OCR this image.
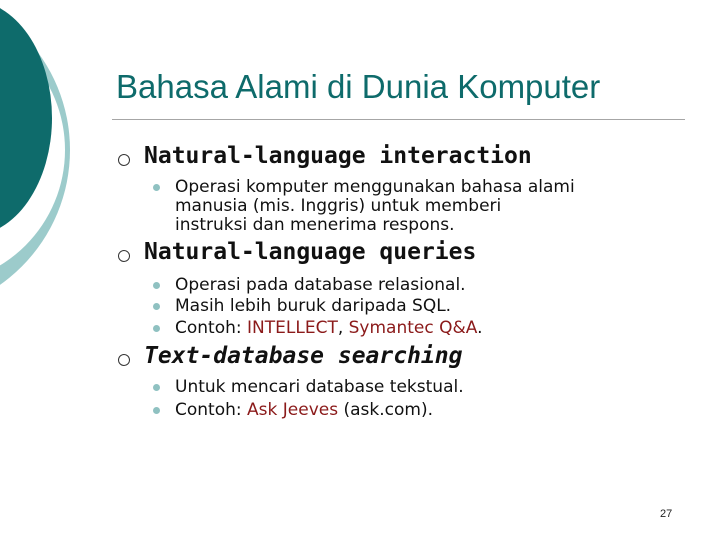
Bahasa Alami di Dunia Komputer
Natural-language interaction
Operasi komputer menggunakan bahasa alami
manusia (mis. Inggris) untuk memberi
instruksi dan menerima respons.
Natural-language queries
Operasi pada database relasional.
Masih lebih buruk daripada SQL.
Contoh: INTELLECT, Symantec Q&A.
Text-database searching
Untuk mencari database tekstual.
Contoh: Ask Jeeves (ask.com).
27
